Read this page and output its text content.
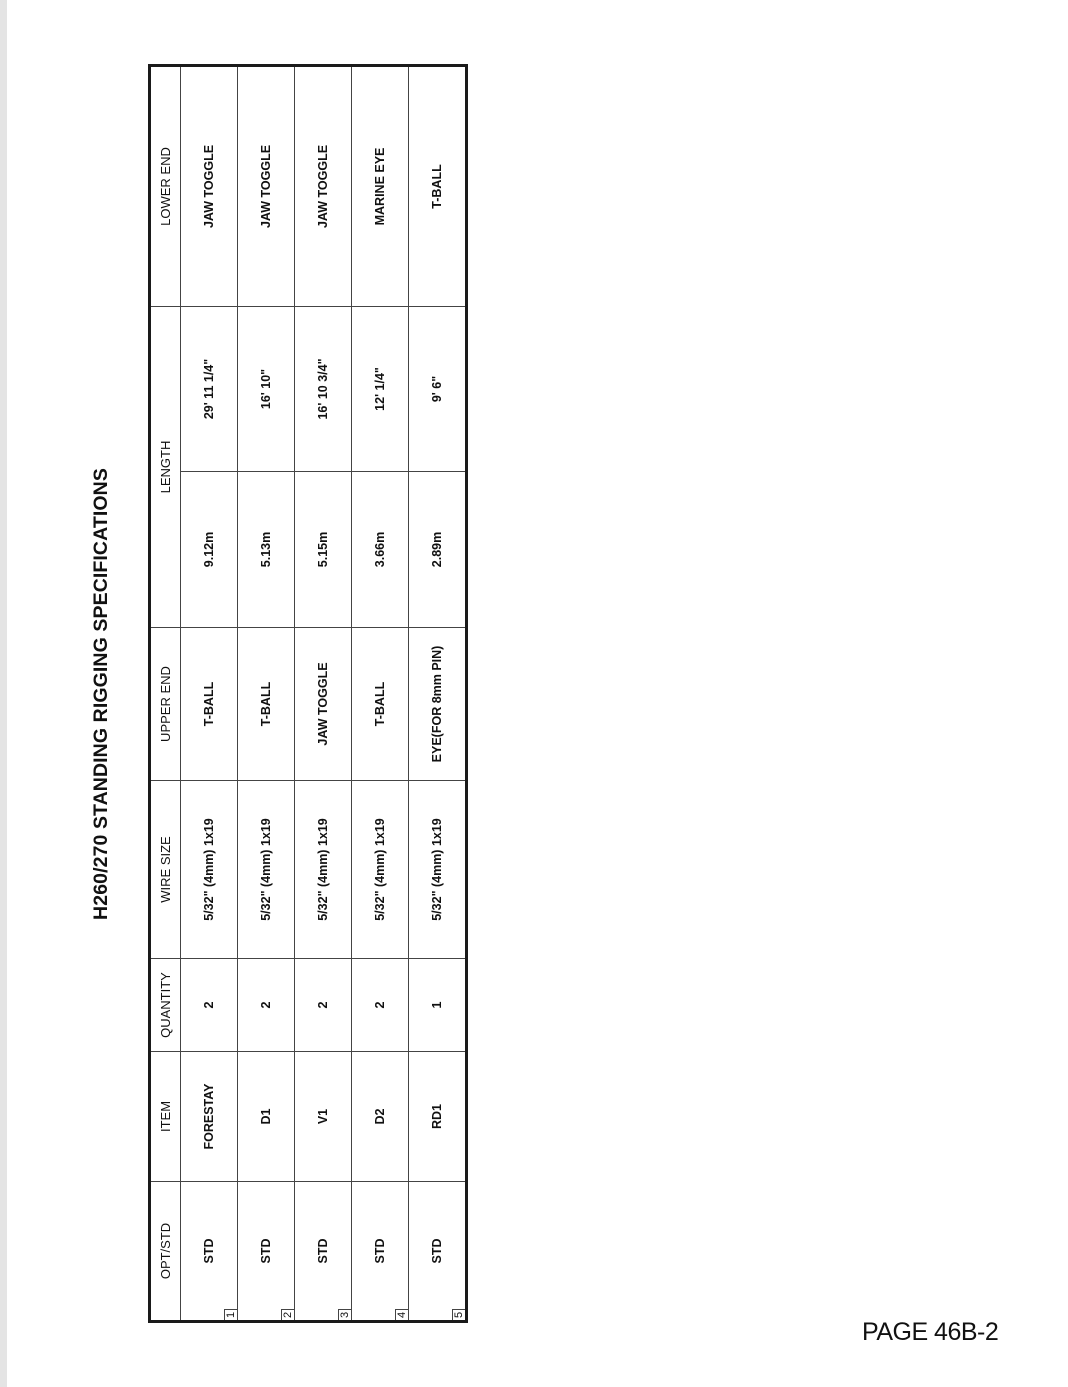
H260/270 STANDING RIGGING SPECIFICATIONS
OPT/STD	ITEM	QUANTITY	WIRE SIZE	UPPER END	LENGTH		LOWER END

1
STD	FORESTAY	2	5/32" (4mm) 1x19	T-BALL	9.12m	29' 11 1/4"	JAW TOGGLE

2
STD	D1	2	5/32" (4mm) 1x19	T-BALL	5.13m	16' 10"	JAW TOGGLE

3
STD	V1	2	5/32" (4mm) 1x19	JAW TOGGLE	5.15m	16' 10 3/4"	JAW TOGGLE

4
STD	D2	2	5/32" (4mm) 1x19	T-BALL	3.66m	12' 1/4"	MARINE EYE

5
STD	RD1	1	5/32" (4mm) 1x19	EYE(FOR 8mm PIN)	2.89m	9' 6"	T-BALL
PAGE 46B-2
